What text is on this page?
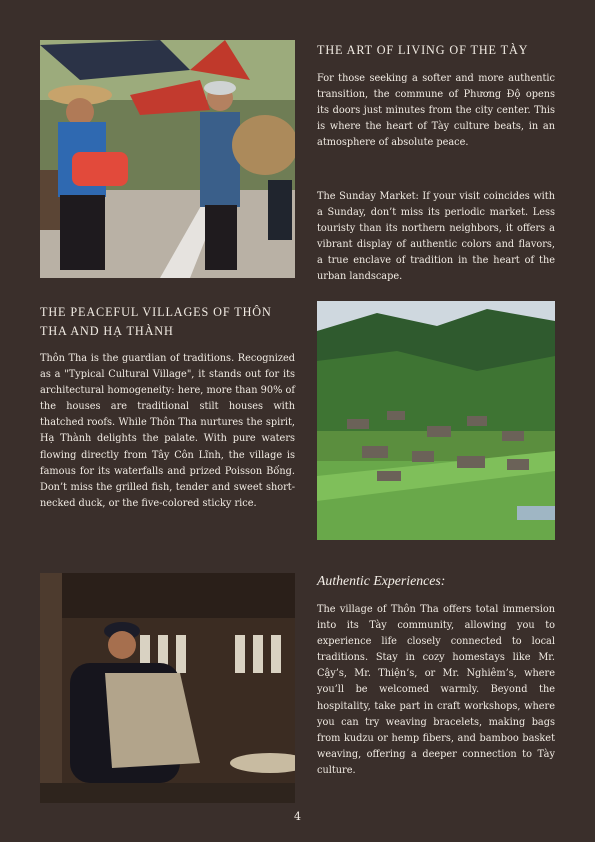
THE ART OF LIVING OF THE TÀY

For those seeking a softer and more authentic transition, the commune of Phương Độ opens its doors just minutes from the city center. This is where the heart of Tày culture beats, in an atmosphere of absolute peace.

The Sunday Market: If your visit coincides with a Sunday, don’t miss its periodic market. Less touristy than its northern neighbors, it offers a vibrant display of authentic colors and flavors, a true enclave of tradition in the heart of the urban landscape.

THE PEACEFUL VILLAGES OF THÔN THA AND HẠ THÀNH

Thôn Tha is the guardian of traditions. Recognized as a "Typical Cultural Village", it stands out for its architectural homogeneity: here, more than 90% of the houses are traditional stilt houses with thatched roofs. While Thôn Tha nurtures the spirit, Hạ Thành delights the palate. With pure waters flowing directly from Tây Côn Lĩnh, the village is famous for its waterfalls and prized Poisson Bống. Don’t miss the grilled fish, tender and sweet short-necked duck, or the five-colored sticky rice.

Authentic Experiences:

The village of Thôn Tha offers total immersion into its Tày community, allowing you to experience life closely connected to local traditions. Stay in cozy homestays like Mr. Cậy’s, Mr. Thiện’s, or Mr. Nghiêm’s, where you’ll be welcomed warmly. Beyond the hospitality, take part in craft workshops, where you can try weaving bracelets, making bags from kudzu or hemp fibers, and bamboo basket weaving, offering a deeper connection to Tày culture.

4
